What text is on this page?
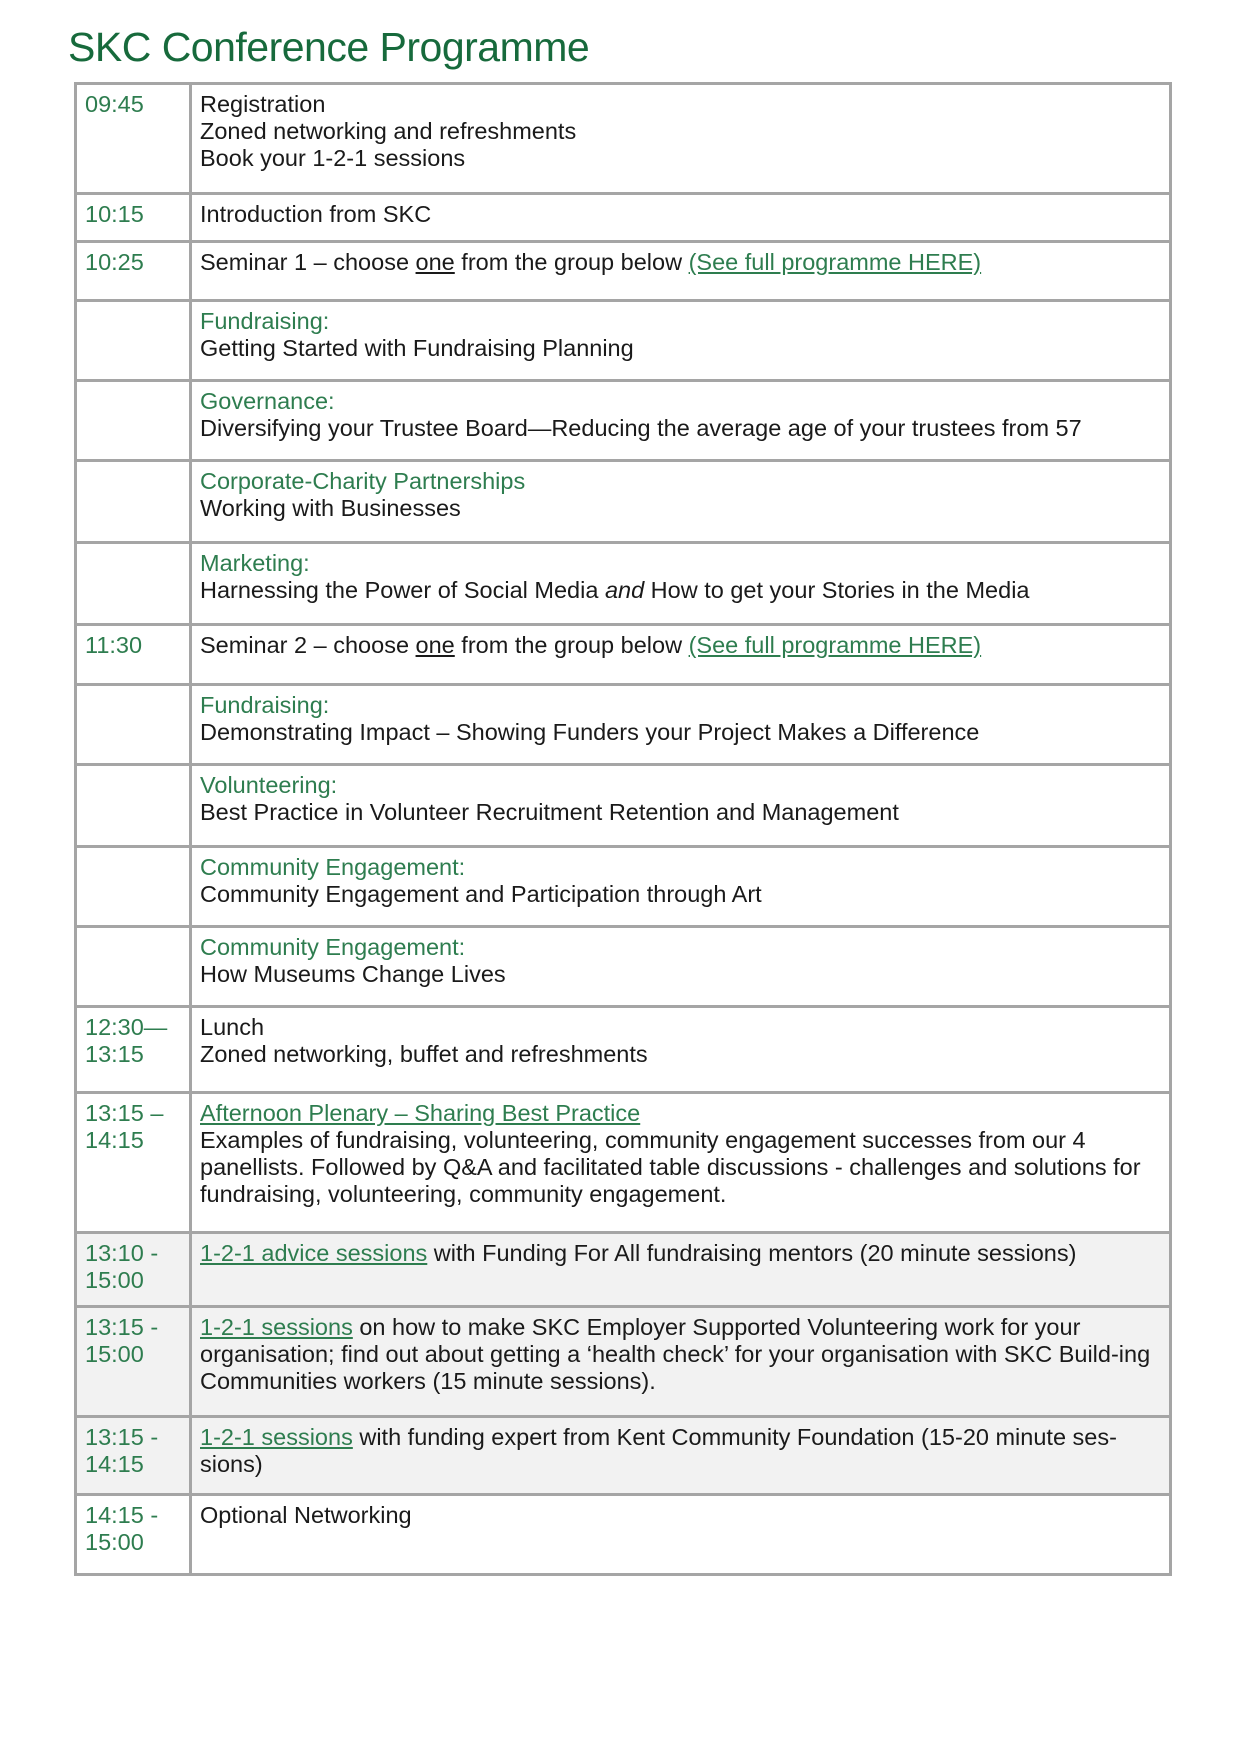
SKC Conference Programme
09:45	Registration
Zoned networking and refreshments
Book your 1-2-1 sessions

10:15	Introduction from SKC
10:25	Seminar 1 – choose one from the group below (See full programme HERE)

	Fundraising:
Getting Started with Fundraising Planning

	Governance:
Diversifying your Trustee Board—Reducing the average age of your trustees from 57

	Corporate-Charity Partnerships
Working with Businesses

	Marketing:
Harnessing the Power of Social Media and How to get your Stories in the Media

11:30	Seminar 2 – choose one from the group below (See full programme HERE)

	Fundraising:
Demonstrating Impact – Showing Funders your Project Makes a Difference

	Volunteering:
Best Practice in Volunteer Recruitment Retention and Management

	Community Engagement:
Community Engagement and Participation through Art

	Community Engagement:
How Museums Change Lives

12:30—
13:15	Lunch
Zoned networking, buffet and refreshments

13:15 –
14:15	Afternoon Plenary – Sharing Best Practice
Examples of fundraising, volunteering, community engagement successes from our 4 panellists. Followed by Q&A and facilitated table discussions - challenges and solutions for fundraising, volunteering, community engagement.

13:10 -
15:00	1-2-1 advice sessions with Funding For All fundraising mentors (20 minute sessions)

13:15 -
15:00	1-2-1 sessions on how to make SKC Employer Supported Volunteering work for your organisation; find out about getting a ‘health check’ for your organisation with SKC Build-ing Communities workers (15 minute sessions).

13:15 -
14:15	1-2-1 sessions with funding expert from Kent Community Foundation (15-20 minute ses-sions)

14:15 -
15:00	Optional Networking
